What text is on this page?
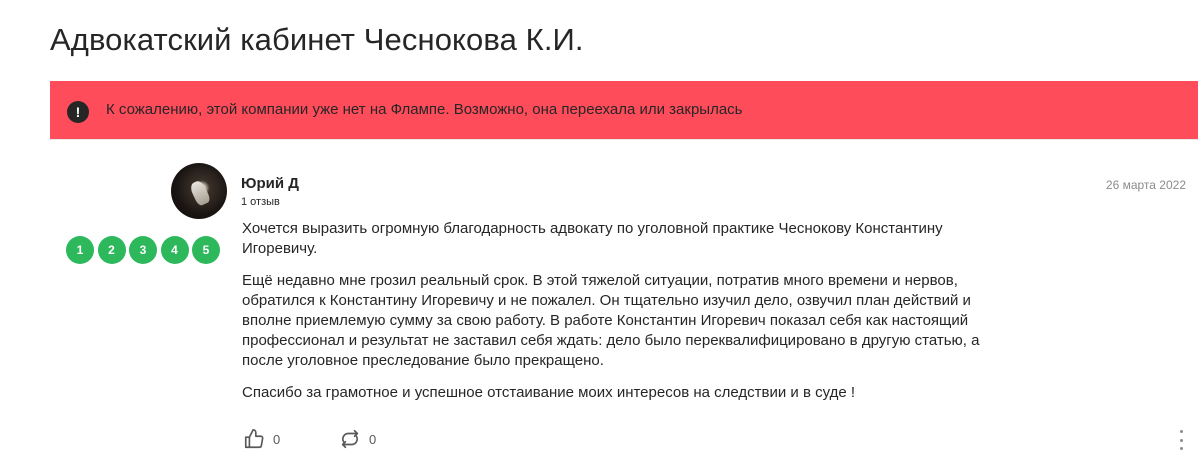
Адвокатский кабинет Чеснокова К.И.
!	К сожалению, этой компании уже нет на Флампе. Возможно, она переехала или закрылась
1	2	3	4	5
Юрий Д
1 отзыв
26 марта 2022

Хочется выразить огромную благодарность адвокату по уголовной практике Чеснокову Константину Игоревичу.

Ещё недавно мне грозил реальный срок. В этой тяжелой ситуации, потратив много времени и нервов, обратился к Константину Игоревичу и не пожалел. Он тщательно изучил дело, озвучил план действий и вполне приемлемую сумму за свою работу. В работе Константин Игоревич показал себя как настоящий профессионал и результат не заставил себя ждать: дело было переквалифицировано в другую статью, а после уголовное преследование было прекращено.

Спасибо за грамотное и успешное отстаивание моих интересов на следствии и в суде !

0	0
